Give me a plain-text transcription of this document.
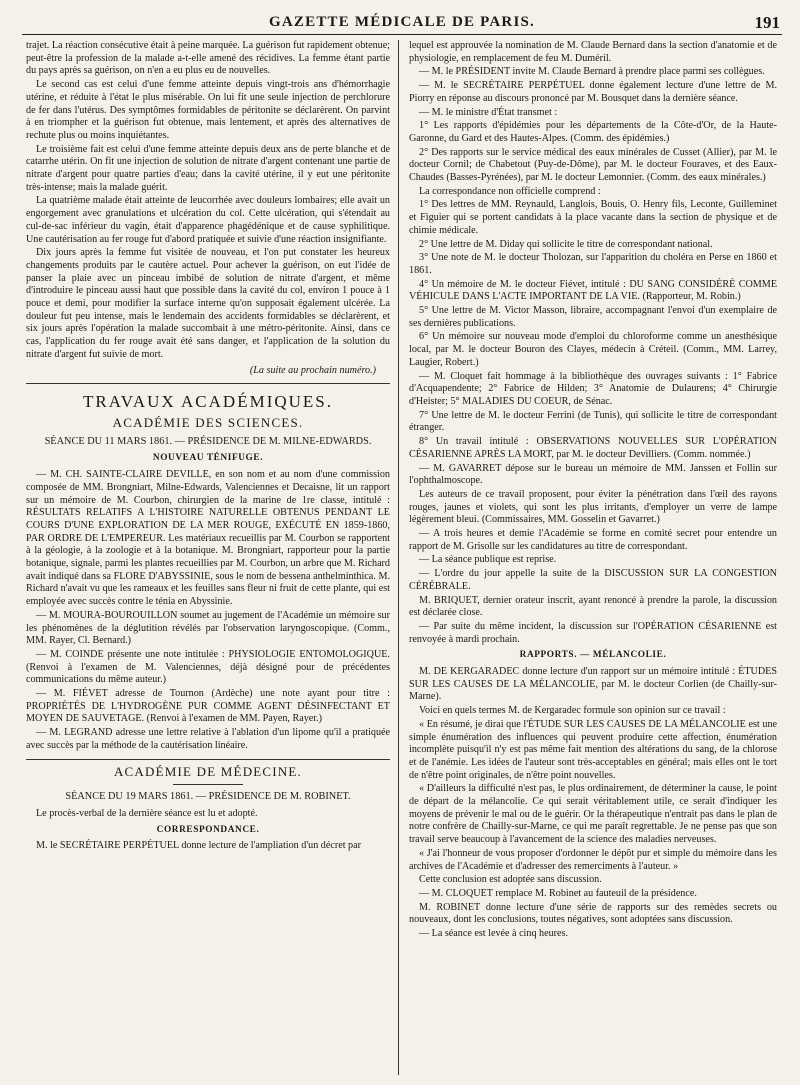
GAZETTE MÉDICALE DE PARIS.	191

trajet. La réaction consécutive était à peine marquée. La guérison fut rapidement obtenue; peut-être la profession de la malade a-t-elle amené des récidives. La femme étant partie du pays après sa guérison, on n'en a eu plus eu de nouvelles.

Le second cas est celui d'une femme atteinte depuis vingt-trois ans d'hémorrhagie utérine, et réduite à l'état le plus misérable. On lui fit une seule injection de perchlorure de fer dans l'utérus. Des symptômes formidables de péritonite se déclarèrent. On parvint à en triompher et la guérison fut obtenue, mais lentement, et après des alternatives de rechute plus ou moins inquiétantes.

Le troisième fait est celui d'une femme atteinte depuis deux ans de perte blanche et de catarrhe utérin. On fit une injection de solution de nitrate d'argent contenant une partie de nitrate d'argent pour quatre parties d'eau; dans la cavité utérine, il y eut une péritonite très-intense; mais la malade guérit.

La quatrième malade était atteinte de leucorrhée avec douleurs lombaires; elle avait un engorgement avec granulations et ulcération du col. Cette ulcération, qui s'étendait au cul-de-sac inférieur du vagin, était d'apparence phagédénique et de cause syphilitique. Une cautérisation au fer rouge fut d'abord pratiquée et suivie d'une réaction insignifiante.

Dix jours après la femme fut visitée de nouveau, et l'on put constater les heureux changements produits par le cautère actuel. Pour achever la guérison, on eut l'idée de panser la plaie avec un pinceau imbibé de solution de nitrate d'argent, et même d'introduire le pinceau aussi haut que possible dans la cavité du col, environ 1 pouce à 1 pouce et demi, pour modifier la surface interne qu'on supposait également ulcérée. La douleur fut peu intense, mais le lendemain des accidents formidables se déclarèrent, et six jours après l'opération la malade succombait à une métro-péritonite. Ainsi, dans ce cas, l'application du fer rouge avait été sans danger, et l'application de la solution du nitrate d'argent fut suivie de mort.

(La suite au prochain numéro.)

TRAVAUX ACADÉMIQUES.
ACADÉMIE DES SCIENCES.
SÉANCE DU 11 MARS 1861. — PRÉSIDENCE DE M. MILNE-EDWARDS.
NOUVEAU TÉNIFUGE.

— M. CH. SAINTE-CLAIRE DEVILLE, en son nom et au nom d'une commission composée de MM. Brongniart, Milne-Edwards, Valenciennes et Decaisne, lit un rapport sur un mémoire de M. Courbon, chirurgien de la marine de 1re classe, intitulé : RÉSULTATS RELATIFS A L'HISTOIRE NATURELLE OBTENUS PENDANT LE COURS D'UNE EXPLORATION DE LA MER ROUGE, EXÉCUTÉ EN 1859-1860, PAR ORDRE DE L'EMPEREUR. Les matériaux recueillis par M. Courbon se rapportent à la géologie, à la zoologie et à la botanique. M. Brongniart, rapporteur pour la partie botanique, signale, parmi les plantes recueillies par M. Courbon, un arbre que M. Richard avait indiqué dans sa FLORE D'ABYSSINIE, sous le nom de bessena anthelminthica. M. Richard n'avait vu que les rameaux et les feuilles sans fleur ni fruit de cette plante, qui est employée avec succès contre le ténia en Abyssinie.

— M. MOURA-BOUROUILLON soumet au jugement de l'Académie un mémoire sur les phénomènes de la déglutition révélés par l'observation laryngoscopique. (Comm., MM. Rayer, Cl. Bernard.)

— M. COINDE présente une note intitulée : PHYSIOLOGIE ENTOMOLOGIQUE. (Renvoi à l'examen de M. Valenciennes, déjà désigné pour de précédentes communications du même auteur.)

— M. FIÉVET adresse de Tournon (Ardèche) une note ayant pour titre : PROPRIÉTÉS DE L'HYDROGÈNE PUR COMME AGENT DÉSINFECTANT ET MOYEN DE SAUVETAGE. (Renvoi à l'examen de MM. Payen, Rayer.)

— M. LEGRAND adresse une lettre relative à l'ablation d'un lipome qu'il a pratiquée avec succès par la méthode de la cautérisation linéaire.

ACADÉMIE DE MÉDECINE.
SÉANCE DU 19 MARS 1861. — PRÉSIDENCE DE M. ROBINET.

Le procès-verbal de la dernière séance est lu et adopté.

CORRESPONDANCE.

M. le SECRÉTAIRE PERPÉTUEL donne lecture de l'ampliation d'un décret par

lequel est approuvée la nomination de M. Claude Bernard dans la section d'anatomie et de physiologie, en remplacement de feu M. Duméril.

— M. le PRÉSIDENT invite M. Claude Bernard à prendre place parmi ses collègues.

— M. le SECRÉTAIRE PERPÉTUEL donne également lecture d'une lettre de M. Piorry en réponse au discours prononcé par M. Bousquet dans la dernière séance.

— M. le ministre d'État transmet :

1° Les rapports d'épidémies pour les départements de la Côte-d'Or, de la Haute-Garonne, du Gard et des Hautes-Alpes. (Comm. des épidémies.)

2° Des rapports sur le service médical des eaux minérales de Cusset (Allier), par M. le docteur Cornil; de Chabetout (Puy-de-Dôme), par M. le docteur Fouraves, et des Eaux-Chaudes (Basses-Pyrénées), par M. le docteur Lemonnier. (Comm. des eaux minérales.)

La correspondance non officielle comprend :

1° Des lettres de MM. Reynauld, Langlois, Bouis, O. Henry fils, Leconte, Guilleminet et Figuier qui se portent candidats à la place vacante dans la section de physique et de chimie médicale.

2° Une lettre de M. Diday qui sollicite le titre de correspondant national.

3° Une note de M. le docteur Tholozan, sur l'apparition du choléra en Perse en 1860 et 1861.

4° Un mémoire de M. le docteur Fiévet, intitulé : DU SANG CONSIDÉRÉ COMME VÉHICULE DANS L'ACTE IMPORTANT DE LA VIE. (Rapporteur, M. Robin.)

5° Une lettre de M. Victor Masson, libraire, accompagnant l'envoi d'un exemplaire de ses dernières publications.

6° Un mémoire sur nouveau mode d'emploi du chloroforme comme un anesthésique local, par M. le docteur Bouron des Clayes, médecin à Créteil. (Comm., MM. Larrey, Laugier, Robert.)

— M. Cloquet fait hommage à la bibliothèque des ouvrages suivants : 1° Fabrice d'Acquapendente; 2° Fabrice de Hilden; 3° Anatomie de Dulaurens; 4° Chirurgie d'Heister; 5° MALADIES DU COEUR, de Sénac.

7° Une lettre de M. le docteur Ferrini (de Tunis), qui sollicite le titre de correspondant étranger.

8° Un travail intitulé : OBSERVATIONS NOUVELLES SUR L'OPÉRATION CÉSARIENNE APRÈS LA MORT, par M. le docteur Devilliers. (Comm. nommée.)

— M. GAVARRET dépose sur le bureau un mémoire de MM. Janssen et Follin sur l'ophthalmoscope.

Les auteurs de ce travail proposent, pour éviter la pénétration dans l'œil des rayons rouges, jaunes et violets, qui sont les plus irritants, d'employer un verre de lampe légèrement bleui. (Commissaires, MM. Gosselin et Gavarret.)

— A trois heures et demie l'Académie se forme en comité secret pour entendre un rapport de M. Grisolle sur les candidatures au titre de correspondant.

— La séance publique est reprise.

— L'ordre du jour appelle la suite de la DISCUSSION SUR LA CONGESTION CÉRÉBRALE.

M. BRIQUET, dernier orateur inscrit, ayant renoncé à prendre la parole, la discussion est déclarée close.

— Par suite du même incident, la discussion sur l'OPÉRATION CÉSARIENNE est renvoyée à mardi prochain.

RAPPORTS. — MÉLANCOLIE.

M. DE KERGARADEC donne lecture d'un rapport sur un mémoire intitulé : ÉTUDES SUR LES CAUSES DE LA MÉLANCOLIE, par M. le docteur Corlien (de Chailly-sur-Marne).

Voici en quels termes M. de Kergaradec formule son opinion sur ce travail :

« En résumé, je dirai que l'ÉTUDE SUR LES CAUSES DE LA MÉLANCOLIE est une simple énumération des influences qui peuvent produire cette affection, énumération incomplète puisqu'il n'y est pas même fait mention des altérations du sang, de la chlorose et de l'anémie. Les idées de l'auteur sont très-acceptables en général; mais elles ont le tort de n'être point originales, de n'être point nouvelles.

« D'ailleurs la difficulté n'est pas, le plus ordinairement, de déterminer la cause, le point de départ de la mélancolie. Ce qui serait véritablement utile, ce serait d'indiquer les moyens de prévenir le mal ou de le guérir. Or la thérapeutique n'entrait pas dans le plan de notre confrère de Chailly-sur-Marne, ce qui me paraît regrettable. Je ne pense pas que son travail serve beaucoup à l'avancement de la science des maladies nerveuses.

« J'ai l'honneur de vous proposer d'ordonner le dépôt pur et simple du mémoire dans les archives de l'Académie et d'adresser des remerciments à l'auteur. »

Cette conclusion est adoptée sans discussion.

— M. CLOQUET remplace M. Robinet au fauteuil de la présidence.

M. ROBINET donne lecture d'une série de rapports sur des remèdes secrets ou nouveaux, dont les conclusions, toutes négatives, sont adoptées sans discussion.

— La séance est levée à cinq heures.
